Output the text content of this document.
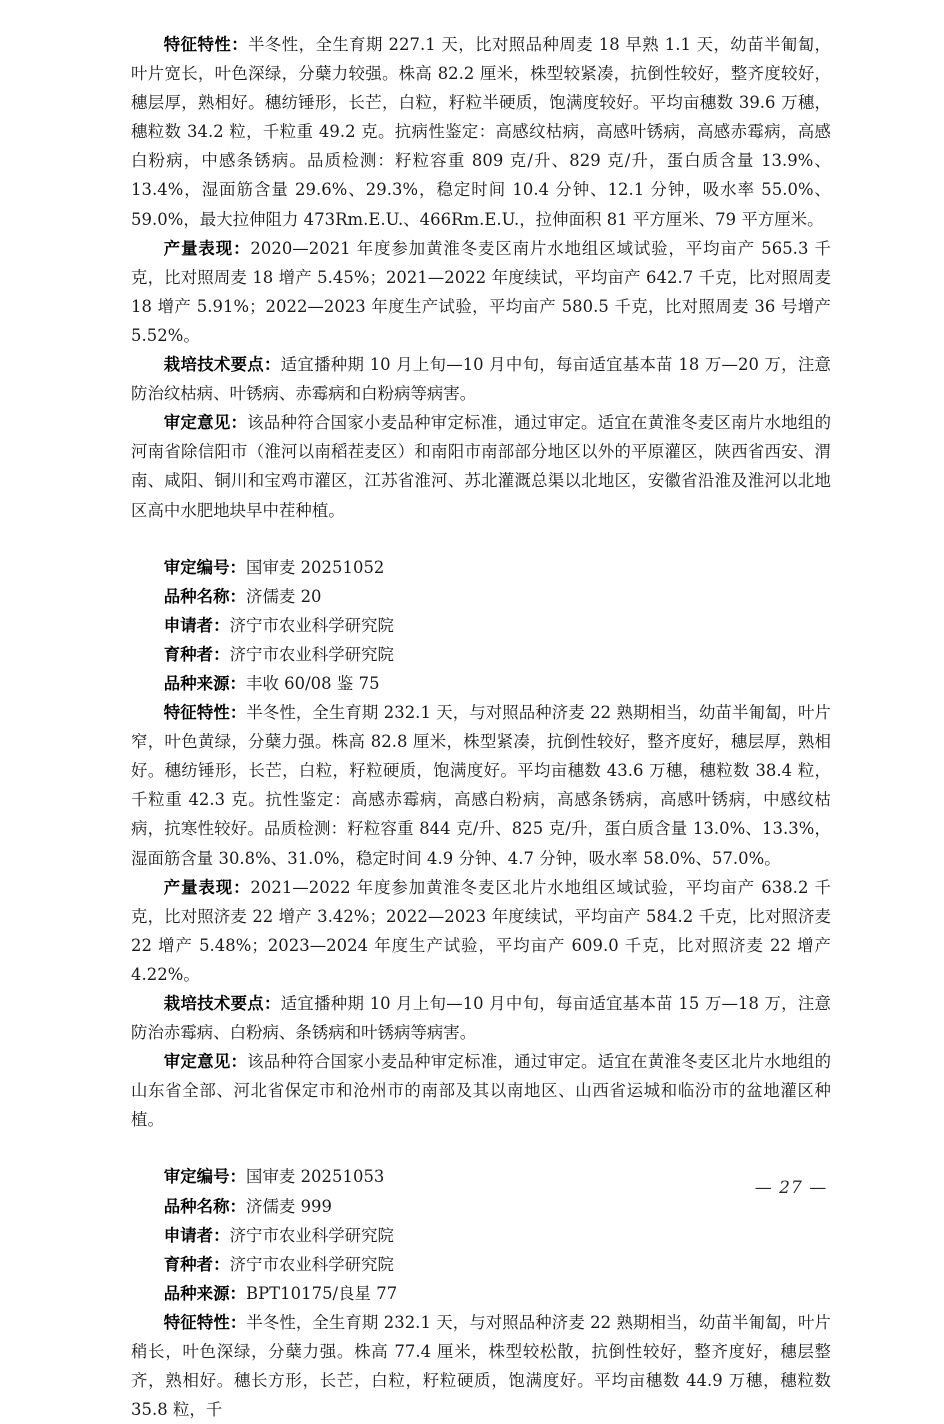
特征特性：半冬性，全生育期 227.1 天，比对照品种周麦 18 早熟 1.1 天，幼苗半匍匐，叶片宽长，叶色深绿，分蘖力较强。株高 82.2 厘米，株型较紧凑，抗倒性较好，整齐度较好，穗层厚，熟相好。穗纺锤形，长芒，白粒，籽粒半硬质，饱满度较好。平均亩穗数 39.6 万穗，穗粒数 34.2 粒，千粒重 49.2 克。抗病性鉴定：高感纹枯病，高感叶锈病，高感赤霉病，高感白粉病，中感条锈病。品质检测：籽粒容重 809 克/升、829 克/升，蛋白质含量 13.9%、13.4%，湿面筋含量 29.6%、29.3%，稳定时间 10.4 分钟、12.1 分钟，吸水率 55.0%、59.0%，最大拉伸阻力 473Rm.E.U.、466Rm.E.U.，拉伸面积 81 平方厘米、79 平方厘米。

产量表现：2020—2021 年度参加黄淮冬麦区南片水地组区域试验，平均亩产 565.3 千克，比对照周麦 18 增产 5.45%；2021—2022 年度续试，平均亩产 642.7 千克，比对照周麦 18 增产 5.91%；2022—2023 年度生产试验，平均亩产 580.5 千克，比对照周麦 36 号增产 5.52%。

栽培技术要点：适宜播种期 10 月上旬—10 月中旬，每亩适宜基本苗 18 万—20 万，注意防治纹枯病、叶锈病、赤霉病和白粉病等病害。

审定意见：该品种符合国家小麦品种审定标准，通过审定。适宜在黄淮冬麦区南片水地组的河南省除信阳市（淮河以南稻茬麦区）和南阳市南部部分地区以外的平原灌区，陕西省西安、渭南、咸阳、铜川和宝鸡市灌区，江苏省淮河、苏北灌溉总渠以北地区，安徽省沿淮及淮河以北地区高中水肥地块早中茬种植。

审定编号：国审麦 20251052

品种名称：济儒麦 20

申请者：济宁市农业科学研究院

育种者：济宁市农业科学研究院

品种来源：丰收 60/08 鉴 75

特征特性：半冬性，全生育期 232.1 天，与对照品种济麦 22 熟期相当，幼苗半匍匐，叶片窄，叶色黄绿，分蘖力强。株高 82.8 厘米，株型紧凑，抗倒性较好，整齐度好，穗层厚，熟相好。穗纺锤形，长芒，白粒，籽粒硬质，饱满度好。平均亩穗数 43.6 万穗，穗粒数 38.4 粒，千粒重 42.3 克。抗性鉴定：高感赤霉病，高感白粉病，高感条锈病，高感叶锈病，中感纹枯病，抗寒性较好。品质检测：籽粒容重 844 克/升、825 克/升，蛋白质含量 13.0%、13.3%，湿面筋含量 30.8%、31.0%，稳定时间 4.9 分钟、4.7 分钟，吸水率 58.0%、57.0%。

产量表现：2021—2022 年度参加黄淮冬麦区北片水地组区域试验，平均亩产 638.2 千克，比对照济麦 22 增产 3.42%；2022—2023 年度续试，平均亩产 584.2 千克，比对照济麦 22 增产 5.48%；2023—2024 年度生产试验，平均亩产 609.0 千克，比对照济麦 22 增产 4.22%。

栽培技术要点：适宜播种期 10 月上旬—10 月中旬，每亩适宜基本苗 15 万—18 万，注意防治赤霉病、白粉病、条锈病和叶锈病等病害。

审定意见：该品种符合国家小麦品种审定标准，通过审定。适宜在黄淮冬麦区北片水地组的山东省全部、河北省保定市和沧州市的南部及其以南地区、山西省运城和临汾市的盆地灌区种植。

审定编号：国审麦 20251053

品种名称：济儒麦 999

申请者：济宁市农业科学研究院

育种者：济宁市农业科学研究院

品种来源：BPT10175/良星 77

特征特性：半冬性，全生育期 232.1 天，与对照品种济麦 22 熟期相当，幼苗半匍匐，叶片稍长，叶色深绿，分蘖力强。株高 77.4 厘米，株型较松散，抗倒性较好，整齐度好，穗层整齐，熟相好。穗长方形，长芒，白粒，籽粒硬质，饱满度好。平均亩穗数 44.9 万穗，穗粒数 35.8 粒，千

— 27 —
